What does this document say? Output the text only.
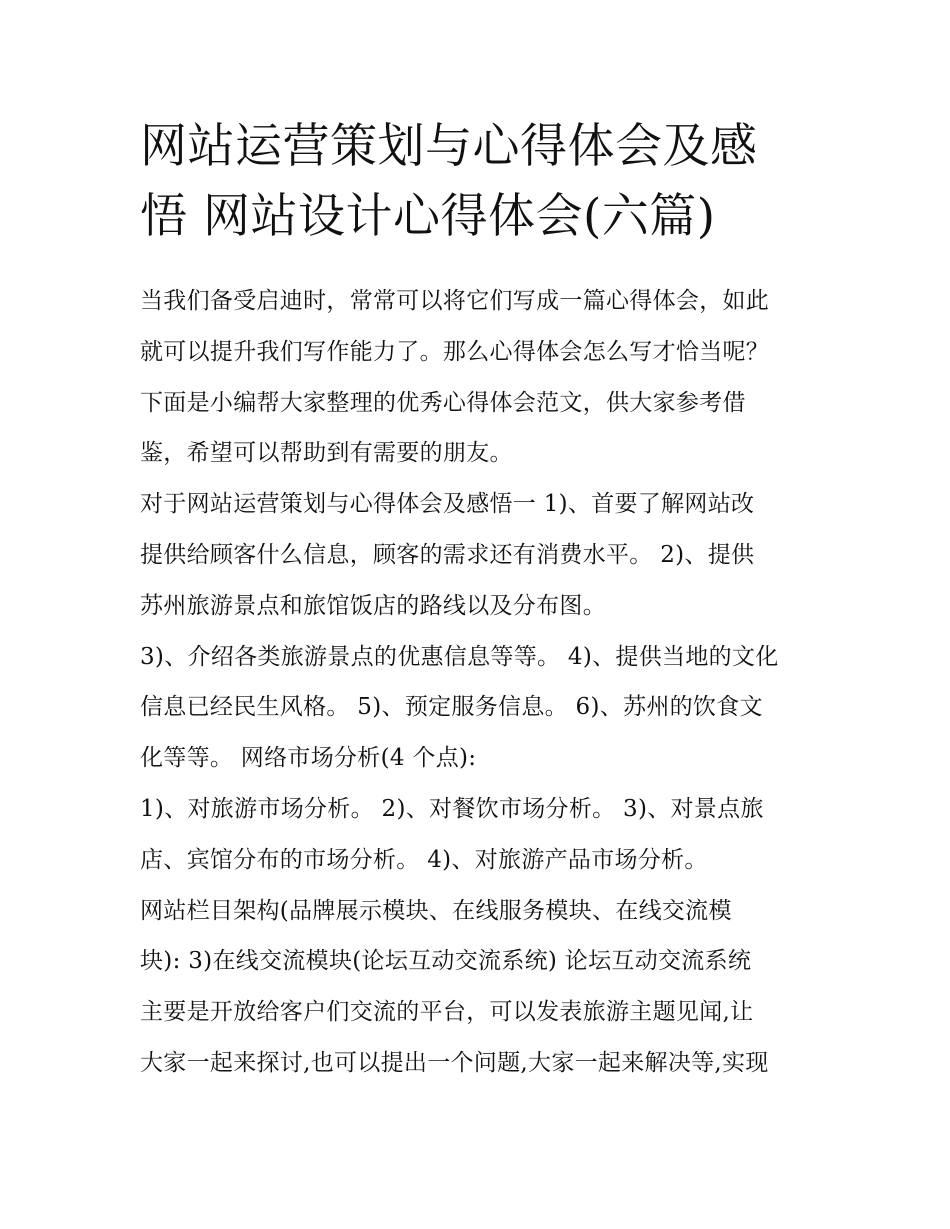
网站运营策划与心得体会及感
悟 网站设计心得体会(六篇)

当我们备受启迪时，常常可以将它们写成一篇心得体会，如此
就可以提升我们写作能力了。那么心得体会怎么写才恰当呢？
下面是小编帮大家整理的优秀心得体会范文，供大家参考借
鉴，希望可以帮助到有需要的朋友。

对于网站运营策划与心得体会及感悟一 1)、首要了解网站改
提供给顾客什么信息，顾客的需求还有消费水平。 2)、提供
苏州旅游景点和旅馆饭店的路线以及分布图。

3)、介绍各类旅游景点的优惠信息等等。 4)、提供当地的文化
信息已经民生风格。 5)、预定服务信息。 6)、苏州的饮食文
化等等。 网络市场分析(4 个点):

1)、对旅游市场分析。 2)、对餐饮市场分析。 3)、对景点旅
店、宾馆分布的市场分析。 4)、对旅游产品市场分析。

网站栏目架构(品牌展示模块、在线服务模块、在线交流模
块): 3)在线交流模块(论坛互动交流系统) 论坛互动交流系统
主要是开放给客户们交流的平台，可以发表旅游主题见闻,让
大家一起来探讨,也可以提出一个问题,大家一起来解决等,实现
